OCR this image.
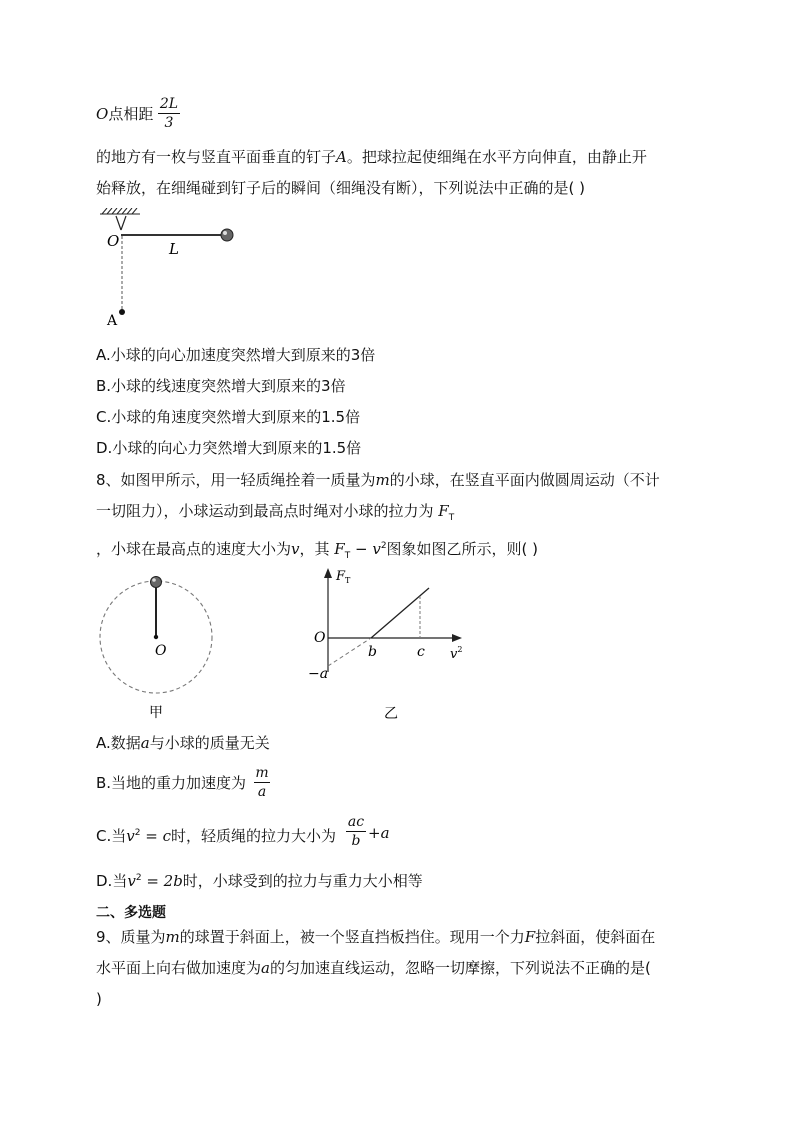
O点相距
2L
3
的地方有一枚与竖直平面垂直的钉子A。把球拉起使细绳在水平方向伸直，由静止开
始释放，在细绳碰到钉子后的瞬间（细绳没有断），下列说法中正确的是( )
O	L
A
A.小球的向心加速度突然增大到原来的3倍
B.小球的线速度突然增大到原来的3倍
C.小球的角速度突然增大到原来的1.5倍
D.小球的向心力突然增大到原来的1.5倍
8、如图甲所示，用一轻质绳拴着一质量为m的小球，在竖直平面内做圆周运动（不计
一切阻力），小球运动到最高点时绳对小球的拉力为 $F_T$
，小球在最高点的速度大小为v，其 $F_T - v^2$图象如图乙所示，则( )
O
甲
$F_T$
O
b	c $v^2$
−a
乙
A.数据a与小球的质量无关
B.当地的重力加速度为
m
a
C.当$v^2 = c$时，轻质绳的拉力大小为
ac
b +a
D.当$v^2 = 2b$时，小球受到的拉力与重力大小相等
二、多选题
9、质量为m的球置于斜面上，被一个竖直挡板挡住。现用一个力F拉斜面，使斜面在
水平面上向右做加速度为a的匀加速直线运动，忽略一切摩擦，下列说法不正确的是(
)
